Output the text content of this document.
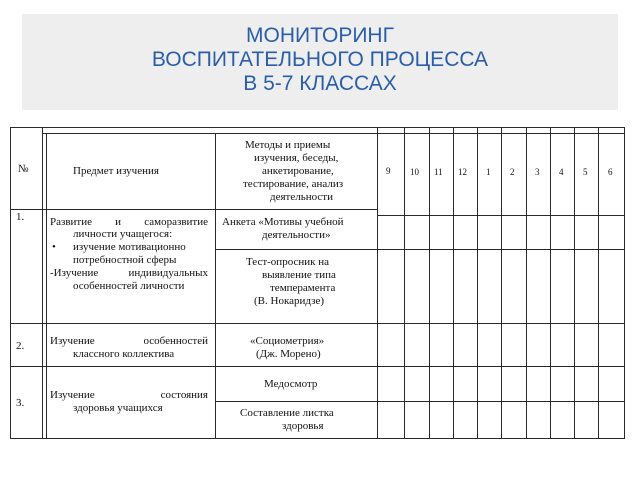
МОНИТОРИНГ
ВОСПИТАТЕЛЬНОГО ПРОЦЕССА
В 5-7 КЛАССАХ
№	Предмет изучения
Методы и приемы
изучения, беседы,
анкетирование,
тестирование, анализ
деятельности
9 10 11 12 1 2 3 4 5 6
1. Развитие и саморазвитие
личности учащегося:
• изучение мотивационно
потребностной сферы
-Изучение индивидуальных
особенностей личности
Анкета «Мотивы учебной
деятельности»
Тест-опросник на
выявление типа
темперамента
(В. Нокаридзе)
2. Изучение особенностей
классного коллектива
«Социометрия»
(Дж. Морено)
3.
Изучение состояния
здоровья учащихся
Медосмотр
Составление листка
здоровья
